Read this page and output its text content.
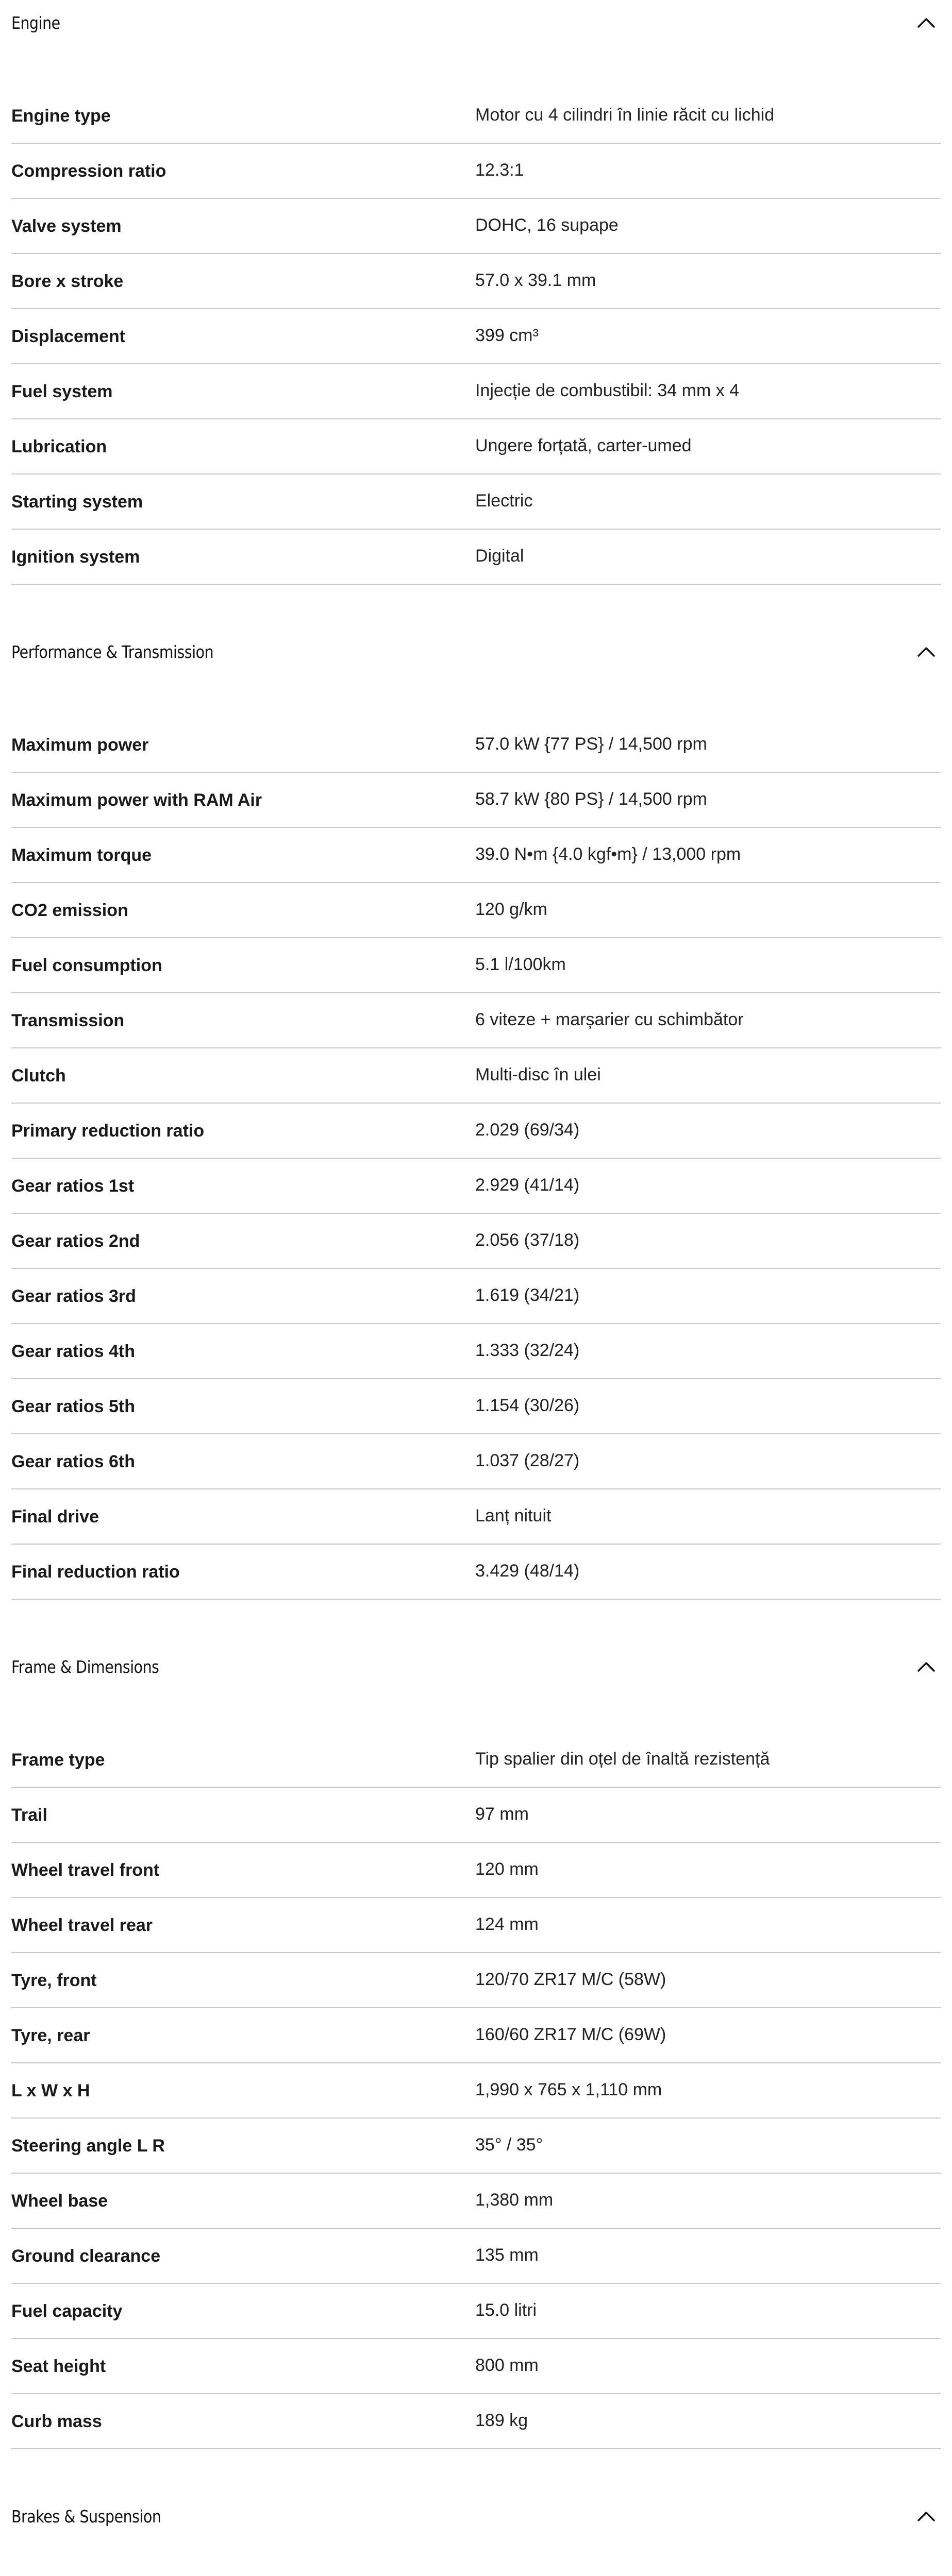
Engine
Engine type	Motor cu 4 cilindri în linie răcit cu lichid
Compression ratio	12.3:1
Valve system	DOHC, 16 supape
Bore x stroke	57.0 x 39.1 mm
Displacement	399 cm³
Fuel system	Injecție de combustibil: 34 mm x 4
Lubrication	Ungere forțată, carter-umed
Starting system	Electric
Ignition system	Digital
Performance & Transmission
Maximum power	57.0 kW {77 PS} / 14,500 rpm
Maximum power with RAM Air	58.7 kW {80 PS} / 14,500 rpm
Maximum torque	39.0 N•m {4.0 kgf•m} / 13,000 rpm
CO2 emission	120 g/km
Fuel consumption	5.1 l/100km
Transmission	6 viteze + marșarier cu schimbător
Clutch	Multi-disc în ulei
Primary reduction ratio	2.029 (69/34)
Gear ratios 1st	2.929 (41/14)
Gear ratios 2nd	2.056 (37/18)
Gear ratios 3rd	1.619 (34/21)
Gear ratios 4th	1.333 (32/24)
Gear ratios 5th	1.154 (30/26)
Gear ratios 6th	1.037 (28/27)
Final drive	Lanț nituit
Final reduction ratio	3.429 (48/14)
Frame & Dimensions
Frame type	Tip spalier din oțel de înaltă rezistență
Trail	97 mm
Wheel travel front	120 mm
Wheel travel rear	124 mm
Tyre, front	120/70 ZR17 M/C (58W)
Tyre, rear	160/60 ZR17 M/C (69W)
L x W x H	1,990 x 765 x 1,110 mm
Steering angle L R	35° / 35°
Wheel base	1,380 mm
Ground clearance	135 mm
Fuel capacity	15.0 litri
Seat height	800 mm
Curb mass	189 kg
Brakes & Suspension
